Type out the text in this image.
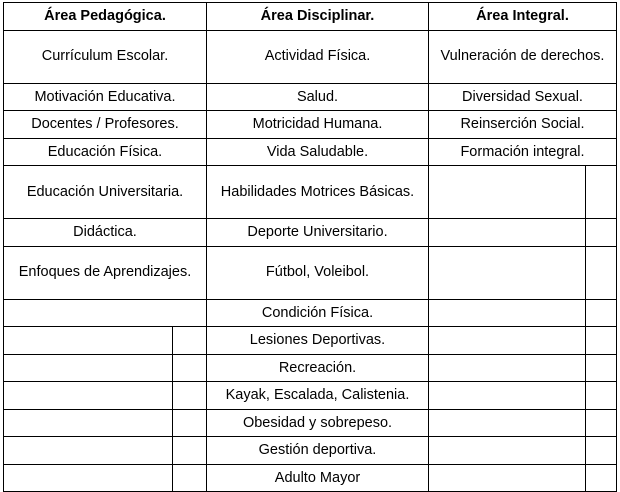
Área Pedagógica.		Área Disciplinar.	Área Integral.	
Currículum Escolar.		Actividad Física.	Vulneración de derechos.	
Motivación Educativa.		Salud.	Diversidad Sexual.	
Docentes / Profesores.		Motricidad Humana.	Reinserción Social.	
Educación Física.		Vida Saludable.	Formación integral.	
Educación Universitaria.		Habilidades Motrices Básicas.		
Didáctica.		Deporte Universitario.		
Enfoques de Aprendizajes.		Fútbol, Voleibol.		
		Condición Física.		
		Lesiones Deportivas.		
		Recreación.		
		Kayak, Escalada, Calistenia.		
		Obesidad y sobrepeso.		
		Gestión deportiva.		
		Adulto Mayor		
